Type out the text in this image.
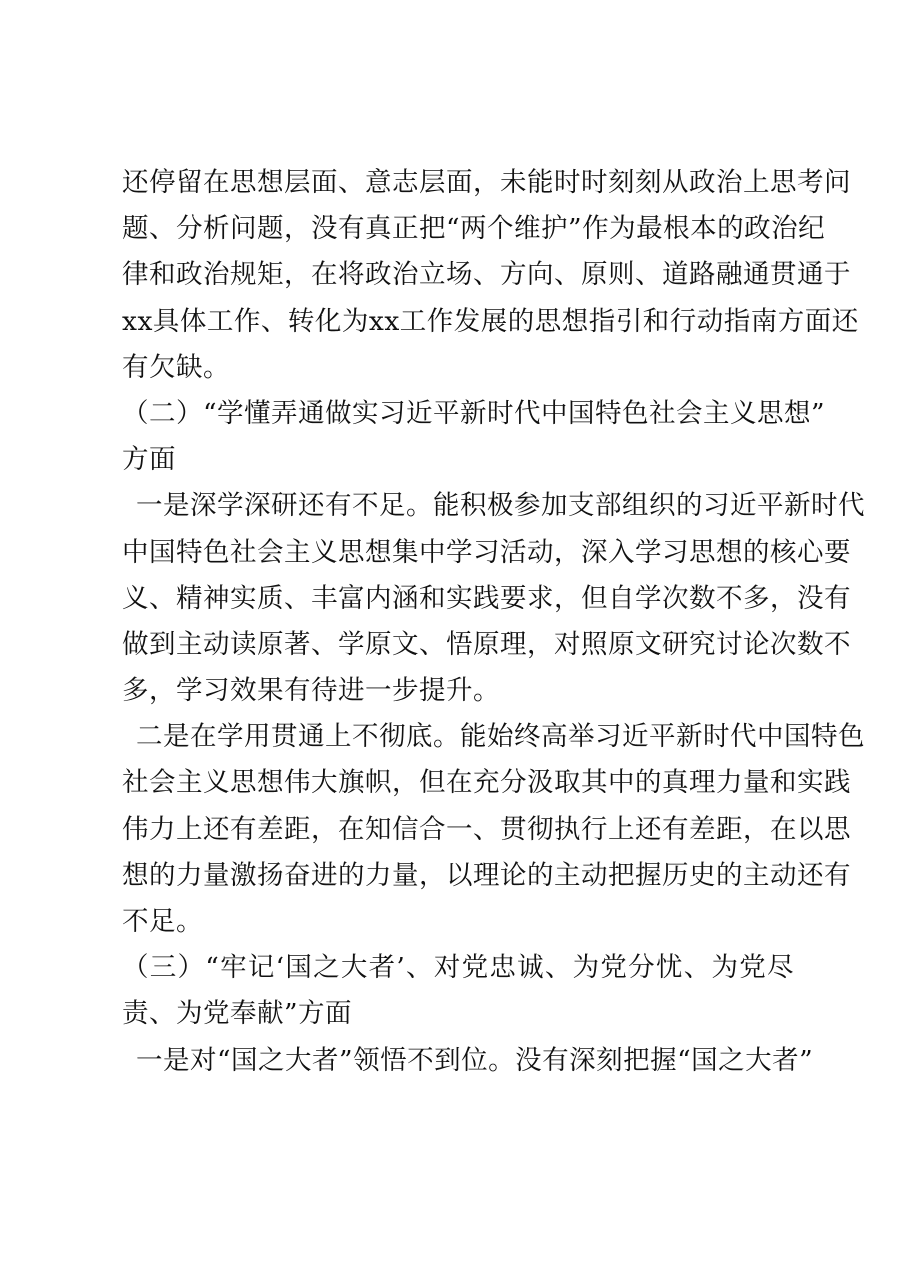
还停留在思想层面、意志层面，未能时时刻刻从政治上思考问
题、分析问题，没有真正把“两个维护”作为最根本的政治纪
律和政治规矩，在将政治立场、方向、原则、道路融通贯通于
xx具体工作、转化为xx工作发展的思想指引和行动指南方面还
有欠缺。
（二）“学懂弄通做实习近平新时代中国特色社会主义思想”
方面
一是深学深研还有不足。能积极参加支部组织的习近平新时代
中国特色社会主义思想集中学习活动，深入学习思想的核心要
义、精神实质、丰富内涵和实践要求，但自学次数不多，没有
做到主动读原著、学原文、悟原理，对照原文研究讨论次数不
多，学习效果有待进一步提升。
二是在学用贯通上不彻底。能始终高举习近平新时代中国特色
社会主义思想伟大旗帜，但在充分汲取其中的真理力量和实践
伟力上还有差距，在知信合一、贯彻执行上还有差距，在以思
想的力量激扬奋进的力量，以理论的主动把握历史的主动还有
不足。
（三）“牢记‘国之大者’、对党忠诚、为党分忧、为党尽
责、为党奉献”方面
一是对“国之大者”领悟不到位。没有深刻把握“国之大者”
